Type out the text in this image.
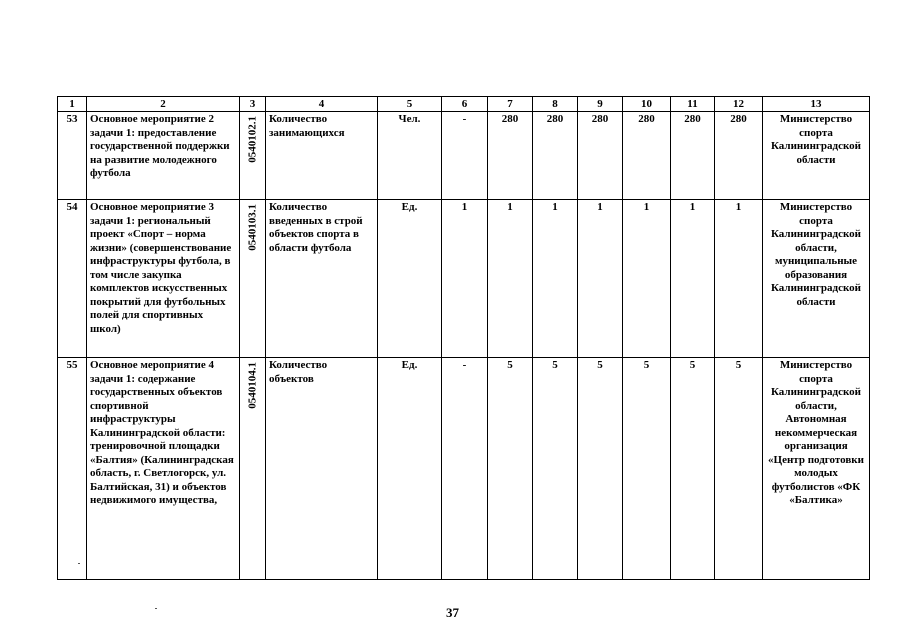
1	2	3	4	5	6	7	8	9	10	11	12	13
53	Основное мероприятие 2 задачи 1: предоставление государственной поддержки на развитие молодежного футбола	0540102.1	Количество занимающихся	Чел.	-	280	280	280	280	280	280	Министерство спорта Калининградской области
54	Основное мероприятие 3 задачи 1: региональный проект «Спорт – норма жизни» (совершенствование инфраструктуры футбола, в том числе закупка комплектов искусственных покрытий для футбольных полей для спортивных школ)	0540103.1	Количество введенных в строй объектов спорта в области футбола	Ед.	1	1	1	1	1	1	1	Министерство спорта Калининградской области, муниципальные образования Калининградской области
55	Основное мероприятие 4 задачи 1: содержание государственных объектов спортивной инфраструктуры Калининградской области: тренировочной площадки «Балтия» (Калининградская область, г. Светлогорск, ул. Балтийская, 31) и объектов недвижимого имущества,	0540104.1	Количество объектов	Ед.	-	5	5	5	5	5	5	Министерство спорта Калининградской области, Автономная некоммерческая организация «Центр подготовки молодых футболистов «ФК «Балтика»
37
